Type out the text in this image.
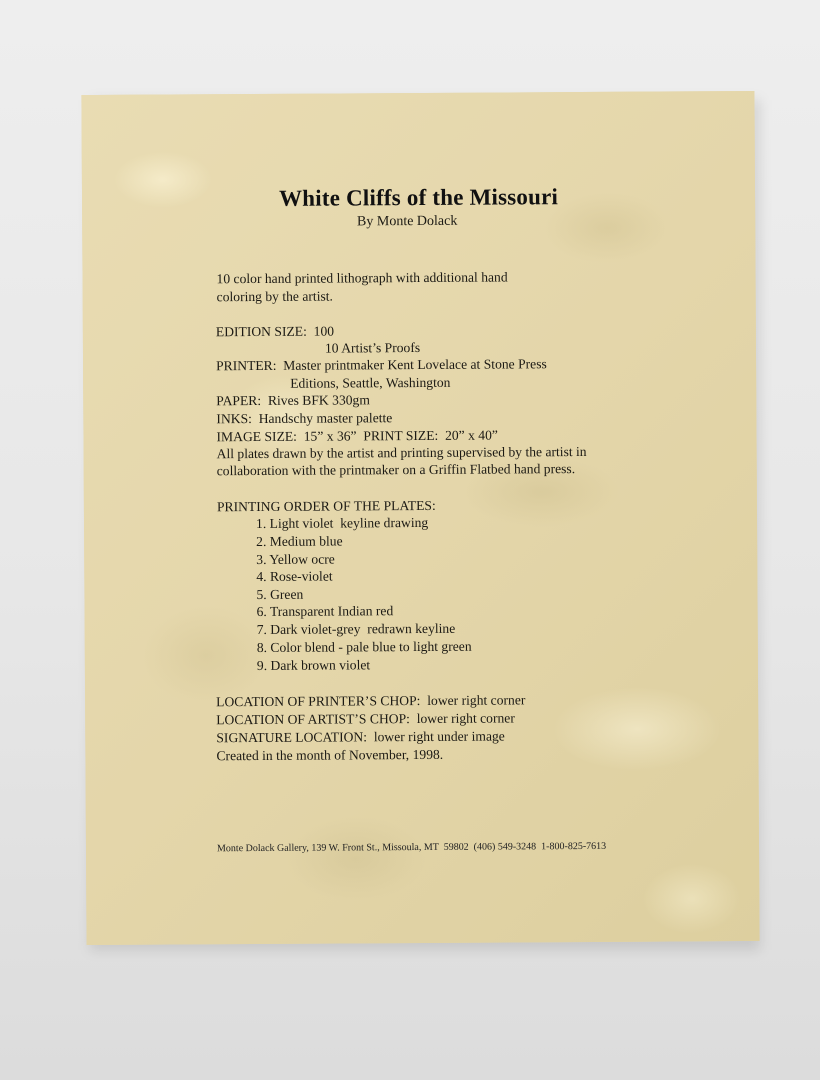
White Cliffs of the Missouri
By Monte Dolack
10 color hand printed lithograph with additional hand
coloring by the artist.
EDITION SIZE:  100
10 Artist’s Proofs
PRINTER:  Master printmaker Kent Lovelace at Stone Press
Editions, Seattle, Washington
PAPER:  Rives BFK 330gm
INKS:  Handschy master palette
IMAGE SIZE:  15” x 36”  PRINT SIZE:  20” x 40”
All plates drawn by the artist and printing supervised by the artist in
collaboration with the printmaker on a Griffin Flatbed hand press.
PRINTING ORDER OF THE PLATES:
1. Light violet  keyline drawing
2. Medium blue
3. Yellow ocre
4. Rose-violet
5. Green
6. Transparent Indian red
7. Dark violet-grey  redrawn keyline
8. Color blend - pale blue to light green
9. Dark brown violet
LOCATION OF PRINTER’S CHOP:  lower right corner
LOCATION OF ARTIST’S CHOP:  lower right corner
SIGNATURE LOCATION:  lower right under image
Created in the month of November, 1998.
Monte Dolack Gallery, 139 W. Front St., Missoula, MT  59802  (406) 549-3248  1-800-825-7613
